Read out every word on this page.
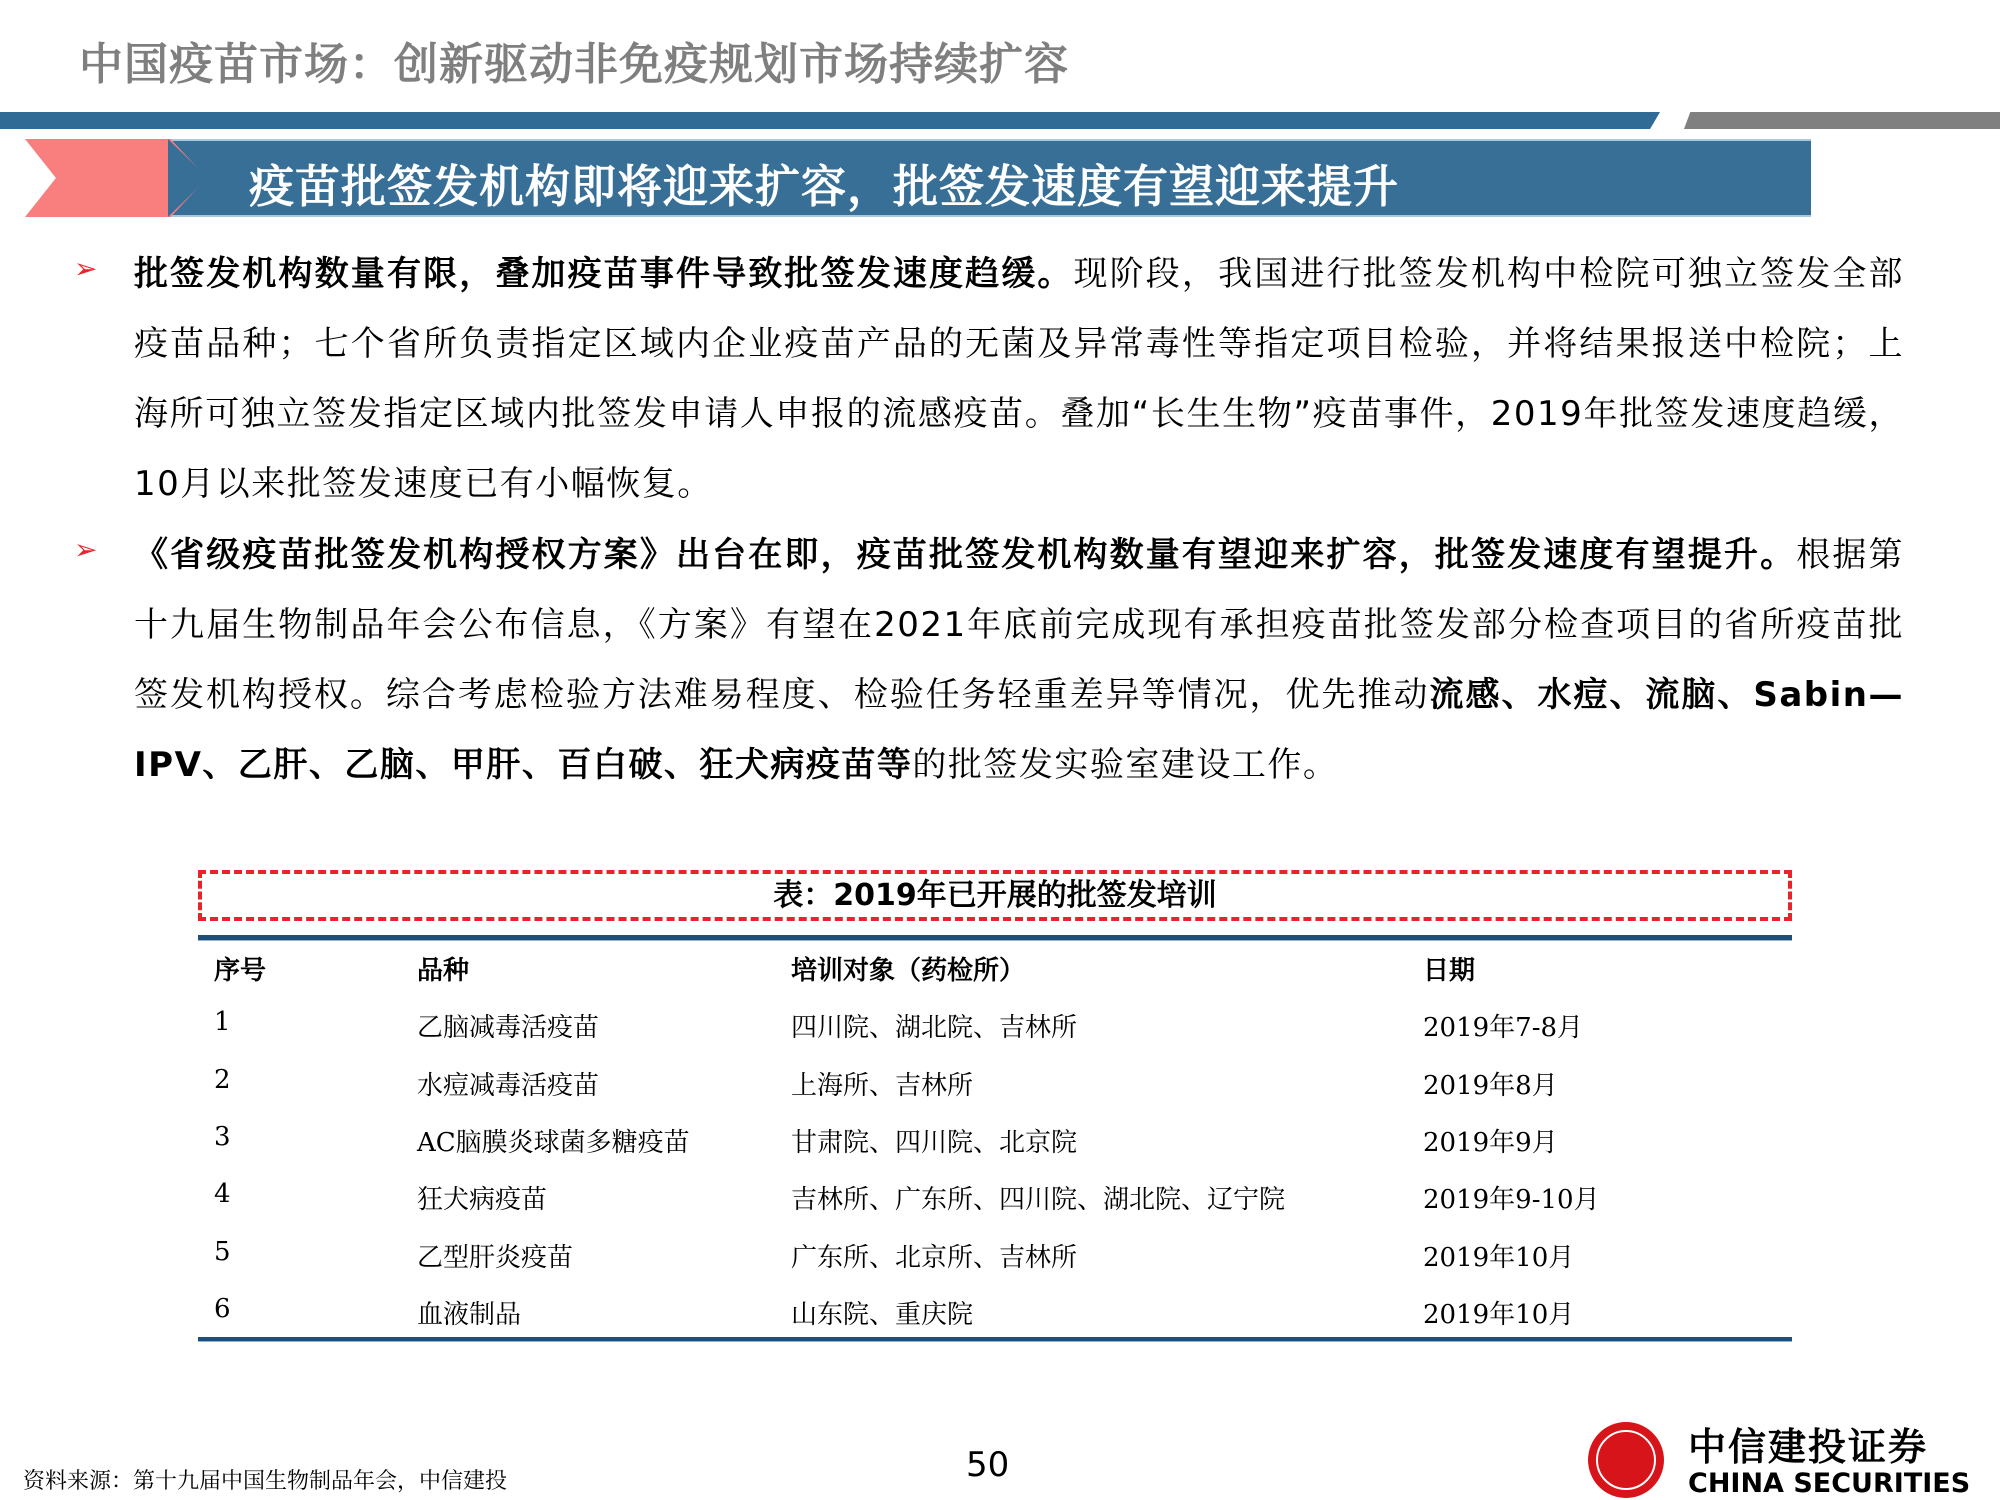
中国疫苗市场：创新驱动非免疫规划市场持续扩容
疫苗批签发机构即将迎来扩容，批签发速度有望迎来提升
➢ 批签发机构数量有限，叠加疫苗事件导致批签发速度趋缓。现阶段，我国进行批签发机构中检院可独立签发全部疫苗品种；七个省所负责指定区域内企业疫苗产品的无菌及异常毒性等指定项目检验，并将结果报送中检院；上海所可独立签发指定区域内批签发申请人申报的流感疫苗。叠加“长生生物”疫苗事件，2019年批签发速度趋缓，10月以来批签发速度已有小幅恢复。
➢ 《省级疫苗批签发机构授权方案》出台在即，疫苗批签发机构数量有望迎来扩容，批签发速度有望提升。根据第十九届生物制品年会公布信息，《方案》有望在2021年底前完成现有承担疫苗批签发部分检查项目的省所疫苗批签发机构授权。综合考虑检验方法难易程度、检验任务轻重差异等情况，优先推动流感、水痘、流脑、Sabin—IPV、乙肝、乙脑、甲肝、百白破、狂犬病疫苗等的批签发实验室建设工作。
表：2019年已开展的批签发培训
序号	品种	培训对象（药检所）	日期
1	乙脑减毒活疫苗	四川院、湖北院、吉林所	2019年7-8月
2	水痘减毒活疫苗	上海所、吉林所	2019年8月
3	AC脑膜炎球菌多糖疫苗	甘肃院、四川院、北京院	2019年9月
4	狂犬病疫苗	吉林所、广东所、四川院、湖北院、辽宁院	2019年9-10月
5	乙型肝炎疫苗	广东所、北京所、吉林所	2019年10月
6	血液制品	山东院、重庆院	2019年10月
资料来源：第十九届中国生物制品年会，中信建投	50	中信建投证券
CHINA SECURITIES
